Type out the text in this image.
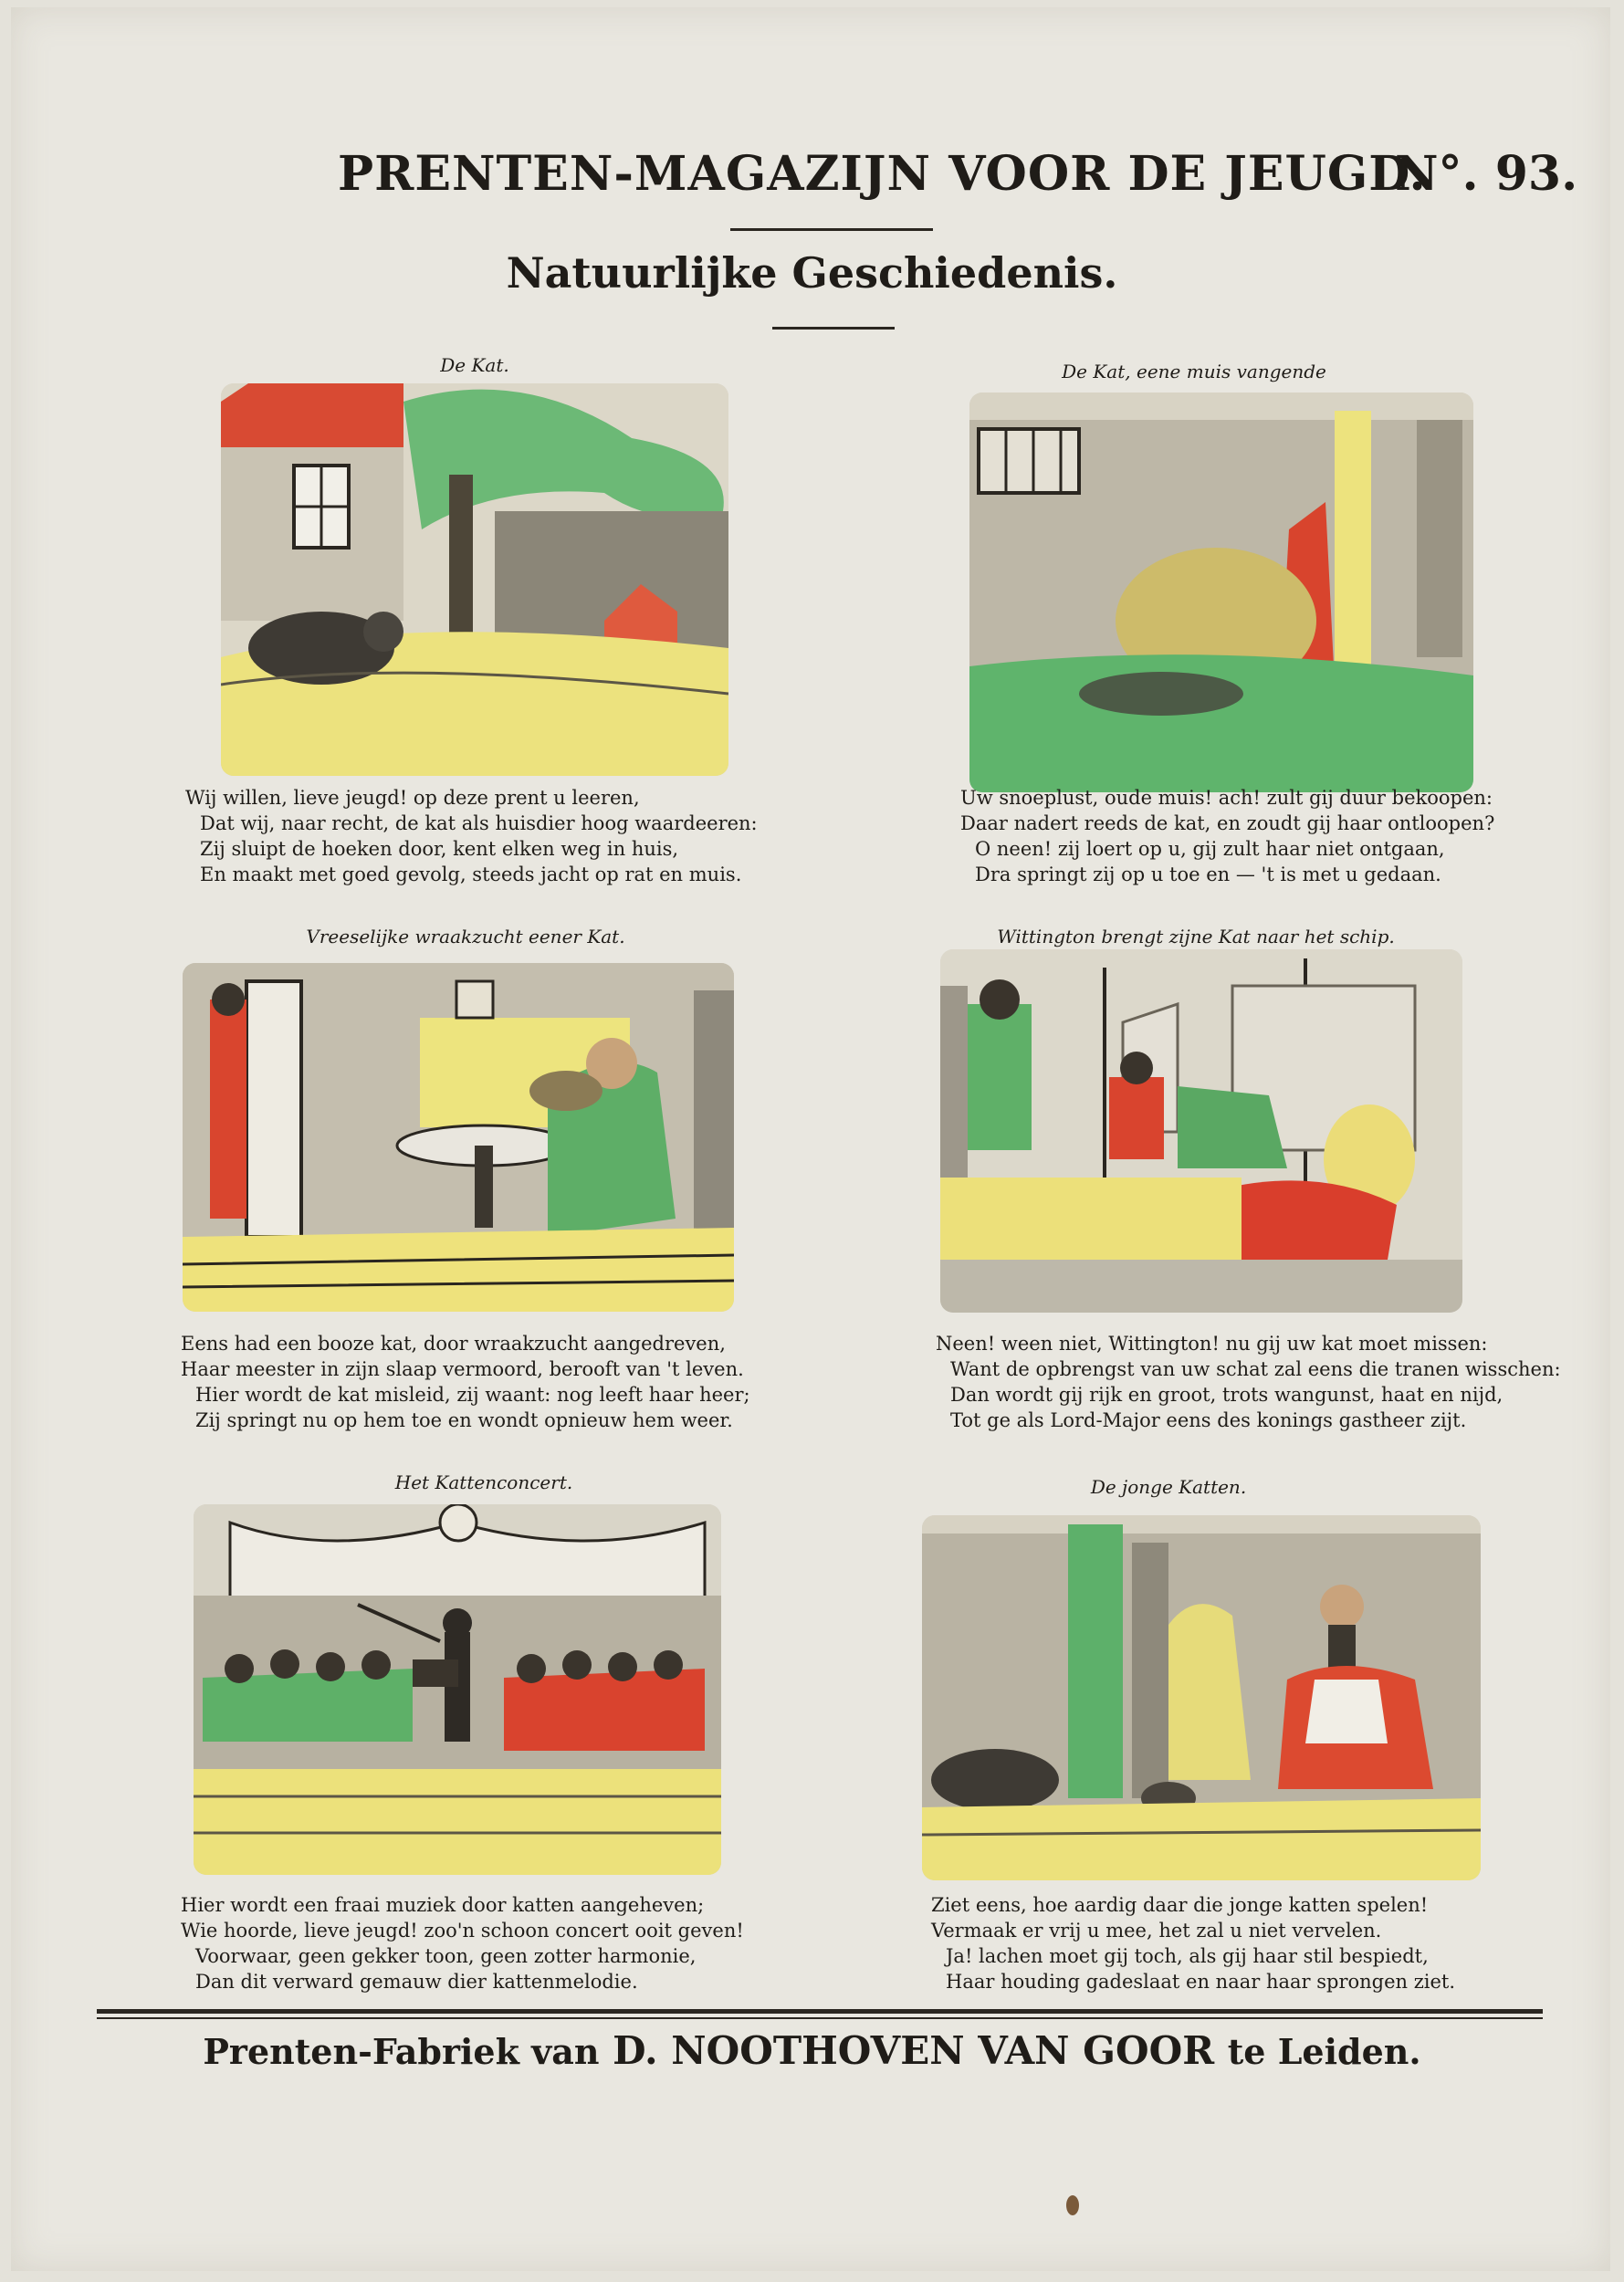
PRENTEN-MAGAZIJN VOOR DE JEUGD.
N°. 93.
Natuurlijke Geschiedenis.
De Kat.
Wij willen, lieve jeugd! op deze prent u leeren,
Dat wij, naar recht, de kat als huisdier hoog waardeeren:
Zij sluipt de hoeken door, kent elken weg in huis,
En maakt met goed gevolg, steeds jacht op rat en muis.
De Kat, eene muis vangende
Uw snoeplust, oude muis! ach! zult gij duur bekoopen:
Daar nadert reeds de kat, en zoudt gij haar ontloopen?
O neen! zij loert op u, gij zult haar niet ontgaan,
Dra springt zij op u toe en — 't is met u gedaan.
Vreeselijke wraakzucht eener Kat.
Eens had een booze kat, door wraakzucht aangedreven,
Haar meester in zijn slaap vermoord, berooft van 't leven.
Hier wordt de kat misleid, zij waant: nog leeft haar heer;
Zij springt nu op hem toe en wondt opnieuw hem weer.
Wittington brengt zijne Kat naar het schip.
Neen! ween niet, Wittington! nu gij uw kat moet missen:
Want de opbrengst van uw schat zal eens die tranen wisschen:
Dan wordt gij rijk en groot, trots wangunst, haat en nijd,
Tot ge als Lord-Major eens des konings gastheer zijt.
Het Kattenconcert.
Hier wordt een fraai muziek door katten aangeheven;
Wie hoorde, lieve jeugd! zoo'n schoon concert ooit geven!
Voorwaar, geen gekker toon, geen zotter harmonie,
Dan dit verward gemauw dier kattenmelodie.
De jonge Katten.
Ziet eens, hoe aardig daar die jonge katten spelen!
Vermaak er vrij u mee, het zal u niet vervelen.
Ja! lachen moet gij toch, als gij haar stil bespiedt,
Haar houding gadeslaat en naar haar sprongen ziet.
Prenten-Fabriek van D. NOOTHOVEN VAN GOOR te Leiden.
